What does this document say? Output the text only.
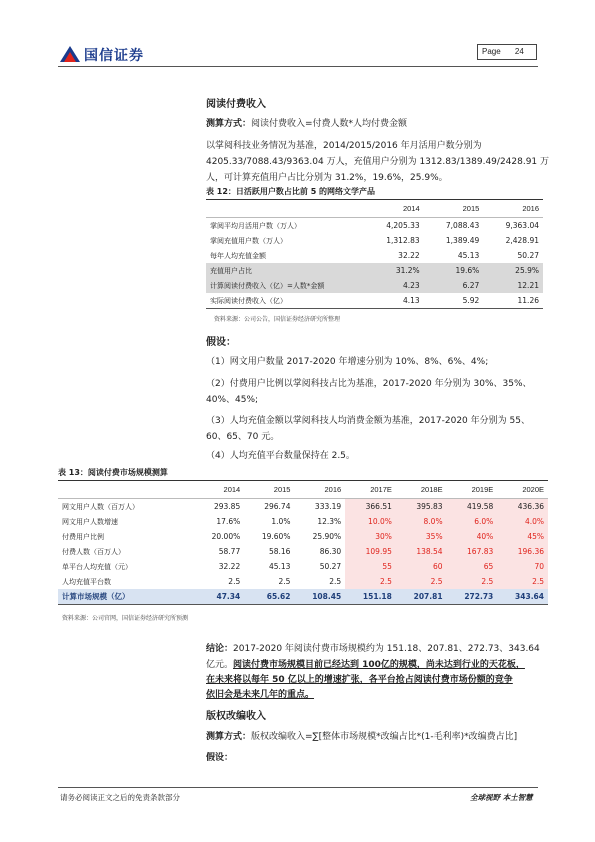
国信证券	Page 24
阅读付费收入
测算方式：阅读付费收入=付费人数*人均付费金额
以掌阅科技业务情况为基准，2014/2015/2016 年月活用户数分别为
4205.33/7088.43/9363.04 万人，充值用户分别为 1312.83/1389.49/2428.91 万
人，可计算充值用户占比分别为 31.2%，19.6%，25.9%。
表 12：日活跃用户数占比前 5 的网络文学产品
	2014	2015	2016
掌阅平均月活用户数（万人）	4,205.33	7,088.43	9,363.04
掌阅充值用户数（万人）	1,312.83	1,389.49	2,428.91
每年人均充值金额	32.22	45.13	50.27
充值用户占比	31.2%	19.6%	25.9%
计算阅读付费收入（亿）=人数*金额	4.23	6.27	12.21
实际阅读付费收入（亿）	4.13	5.92	11.26
资料来源：公司公告，国信证券经济研究所整理
假设：
（1）网文用户数量 2017-2020 年增速分别为 10%、8%、6%、4%;
（2）付费用户比例以掌阅科技占比为基准，2017-2020 年分别为 30%、35%、
40%、45%;
（3）人均充值金额以掌阅科技人均消费金额为基准，2017-2020 年分别为 55、
60、65、70 元。
（4）人均充值平台数量保持在 2.5。
表 13：阅读付费市场规模测算
	2014	2015	2016	2017E	2018E	2019E	2020E
网文用户人数（百万人）	293.85	296.74	333.19	366.51	395.83	419.58	436.36
网文用户人数增速	17.6%	1.0%	12.3%	10.0%	8.0%	6.0%	4.0%
付费用户比例	20.00%	19.60%	25.90%	30%	35%	40%	45%
付费人数（百万人）	58.77	58.16	86.30	109.95	138.54	167.83	196.36
单平台人均充值（元）	32.22	45.13	50.27	55	60	65	70
人均充值平台数	2.5	2.5	2.5	2.5	2.5	2.5	2.5
计算市场规模（亿）	47.34	65.62	108.45	151.18	207.81	272.73	343.64
资料来源：公司官网，国信证券经济研究所预测
结论：2017-2020 年阅读付费市场规模约为 151.18、207.81、272.73、343.64
亿元。阅读付费市场规模目前已经达到 100亿的规模，尚未达到行业的天花板，
在未来将以每年 50 亿以上的增速扩张，各平台抢占阅读付费市场份额的竞争
依旧会是未来几年的重点。
版权改编收入
测算方式：版权改编收入=∑[整体市场规模*改编占比*(1-毛利率)*改编费占比]
假设：
请务必阅读正文之后的免责条款部分	全球视野 本土智慧
